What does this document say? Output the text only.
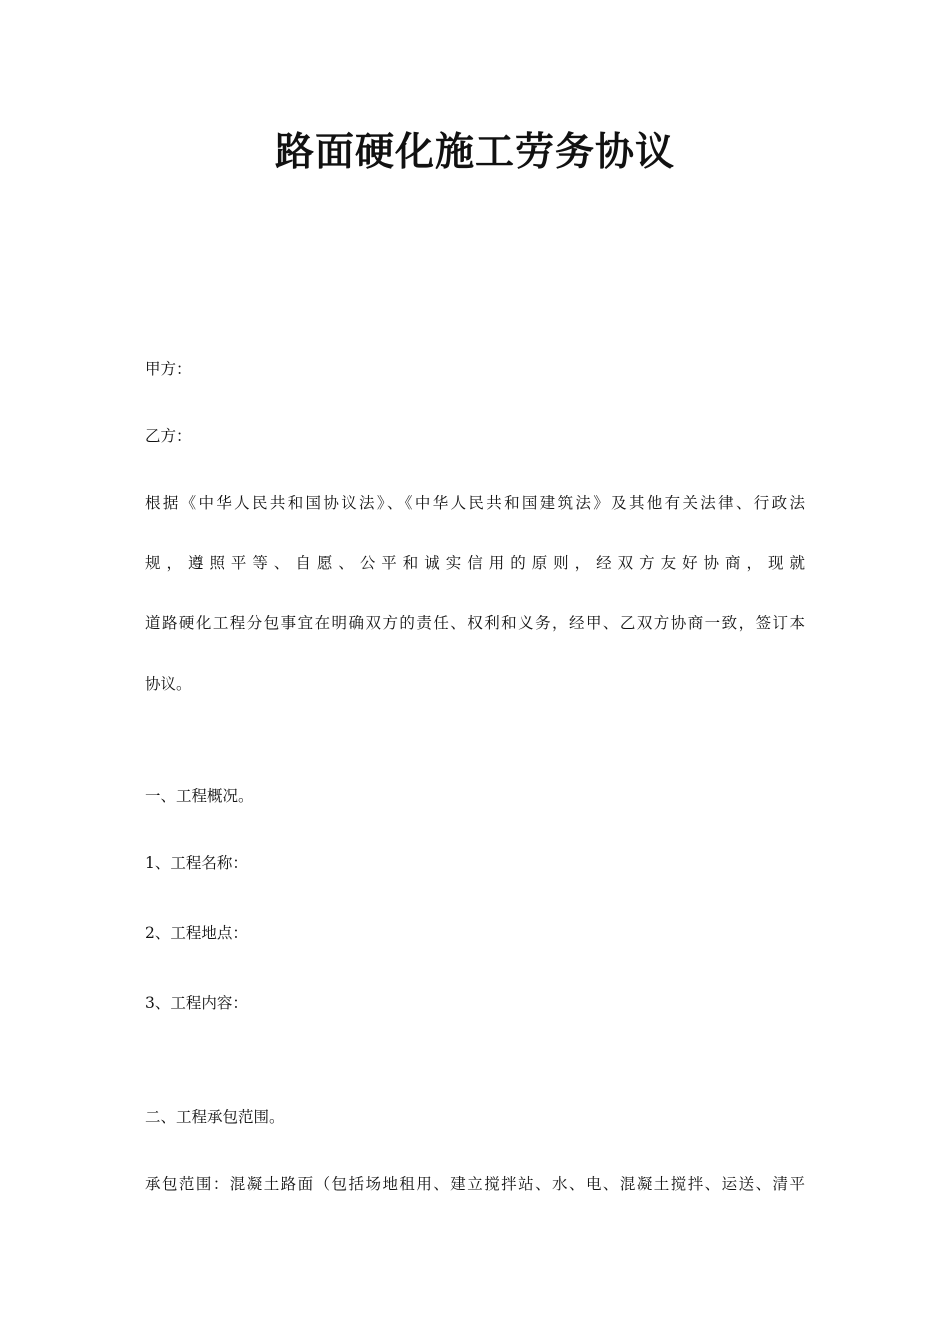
路面硬化施工劳务协议

甲方：

乙方：

根据《中华人民共和国协议法》、《中华人民共和国建筑法》及其他有关法律、行政法

规，遵照平等、自愿、公平和诚实信用的原则，经双方友好协商，现就

道路硬化工程分包事宜在明确双方的责任、权利和义务，经甲、乙双方协商一致，签订本

协议。

一、工程概况。

1、工程名称：

2、工程地点：

3、工程内容：

二、工程承包范围。

承包范围：混凝土路面（包括场地租用、建立搅拌站、水、电、混凝土搅拌、运送、清平
